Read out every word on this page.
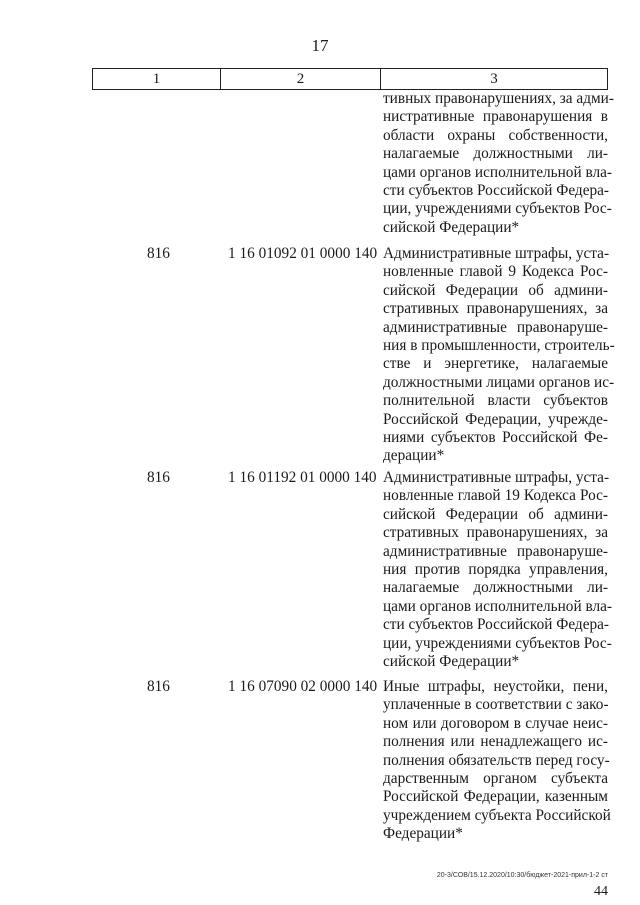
17
1	2	3
тивных правонарушениях, за адми-
нистративные правонарушения в
области охраны собственности,
налагаемые должностными ли-
цами органов исполнительной вла-
сти субъектов Российской Федера-
ции, учреждениями субъектов Рос-
сийской Федерации*
816	1 16 01092 01 0000 140 Административные штрафы, уста-
новленные главой 9 Кодекса Рос-
сийской Федерации об админи-
стративных правонарушениях, за
административные правонаруше-
ния в промышленности, строитель-
стве и энергетике, налагаемые
должностными лицами органов ис-
полнительной власти субъектов
Российской Федерации, учрежде-
ниями субъектов Российской Фе-
дерации*
816	1 16 01192 01 0000 140 Административные штрафы, уста-
новленные главой 19 Кодекса Рос-
сийской Федерации об админи-
стративных правонарушениях, за
административные правонаруше-
ния против порядка управления,
налагаемые должностными ли-
цами органов исполнительной вла-
сти субъектов Российской Федера-
ции, учреждениями субъектов Рос-
сийской Федерации*
816	1 16 07090 02 0000 140 Иные штрафы, неустойки, пени,
уплаченные в соответствии с зако-
ном или договором в случае неис-
полнения или ненадлежащего ис-
полнения обязательств перед госу-
дарственным органом субъекта
Российской Федерации, казенным
учреждением субъекта Российской
Федерации*
20-3/СОВ/15.12.2020/10:30/бюджет-2021-прил-1-2 ст
44
